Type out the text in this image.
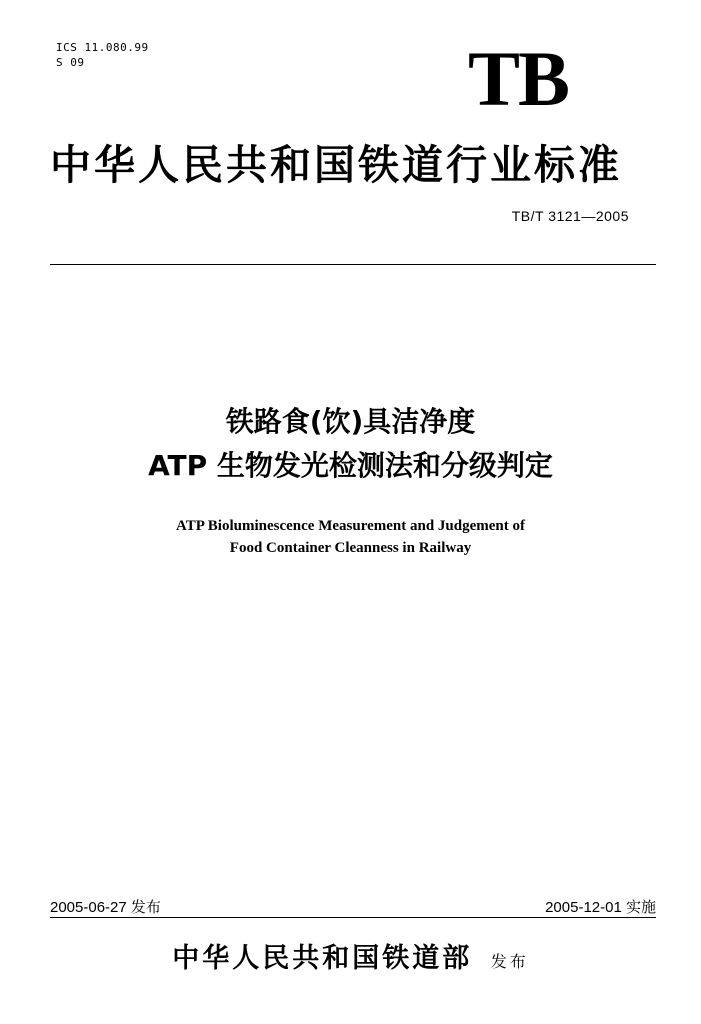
ICS 11.080.99
S 09	TB
中华人民共和国铁道行业标准
TB/T 3121—2005
铁路食(饮)具洁净度
ATP 生物发光检测法和分级判定
ATP Bioluminescence Measurement and Judgement of
Food Container Cleanness in Railway
2005-06-27 发布	2005-12-01 实施
中华人民共和国铁道部 发布
